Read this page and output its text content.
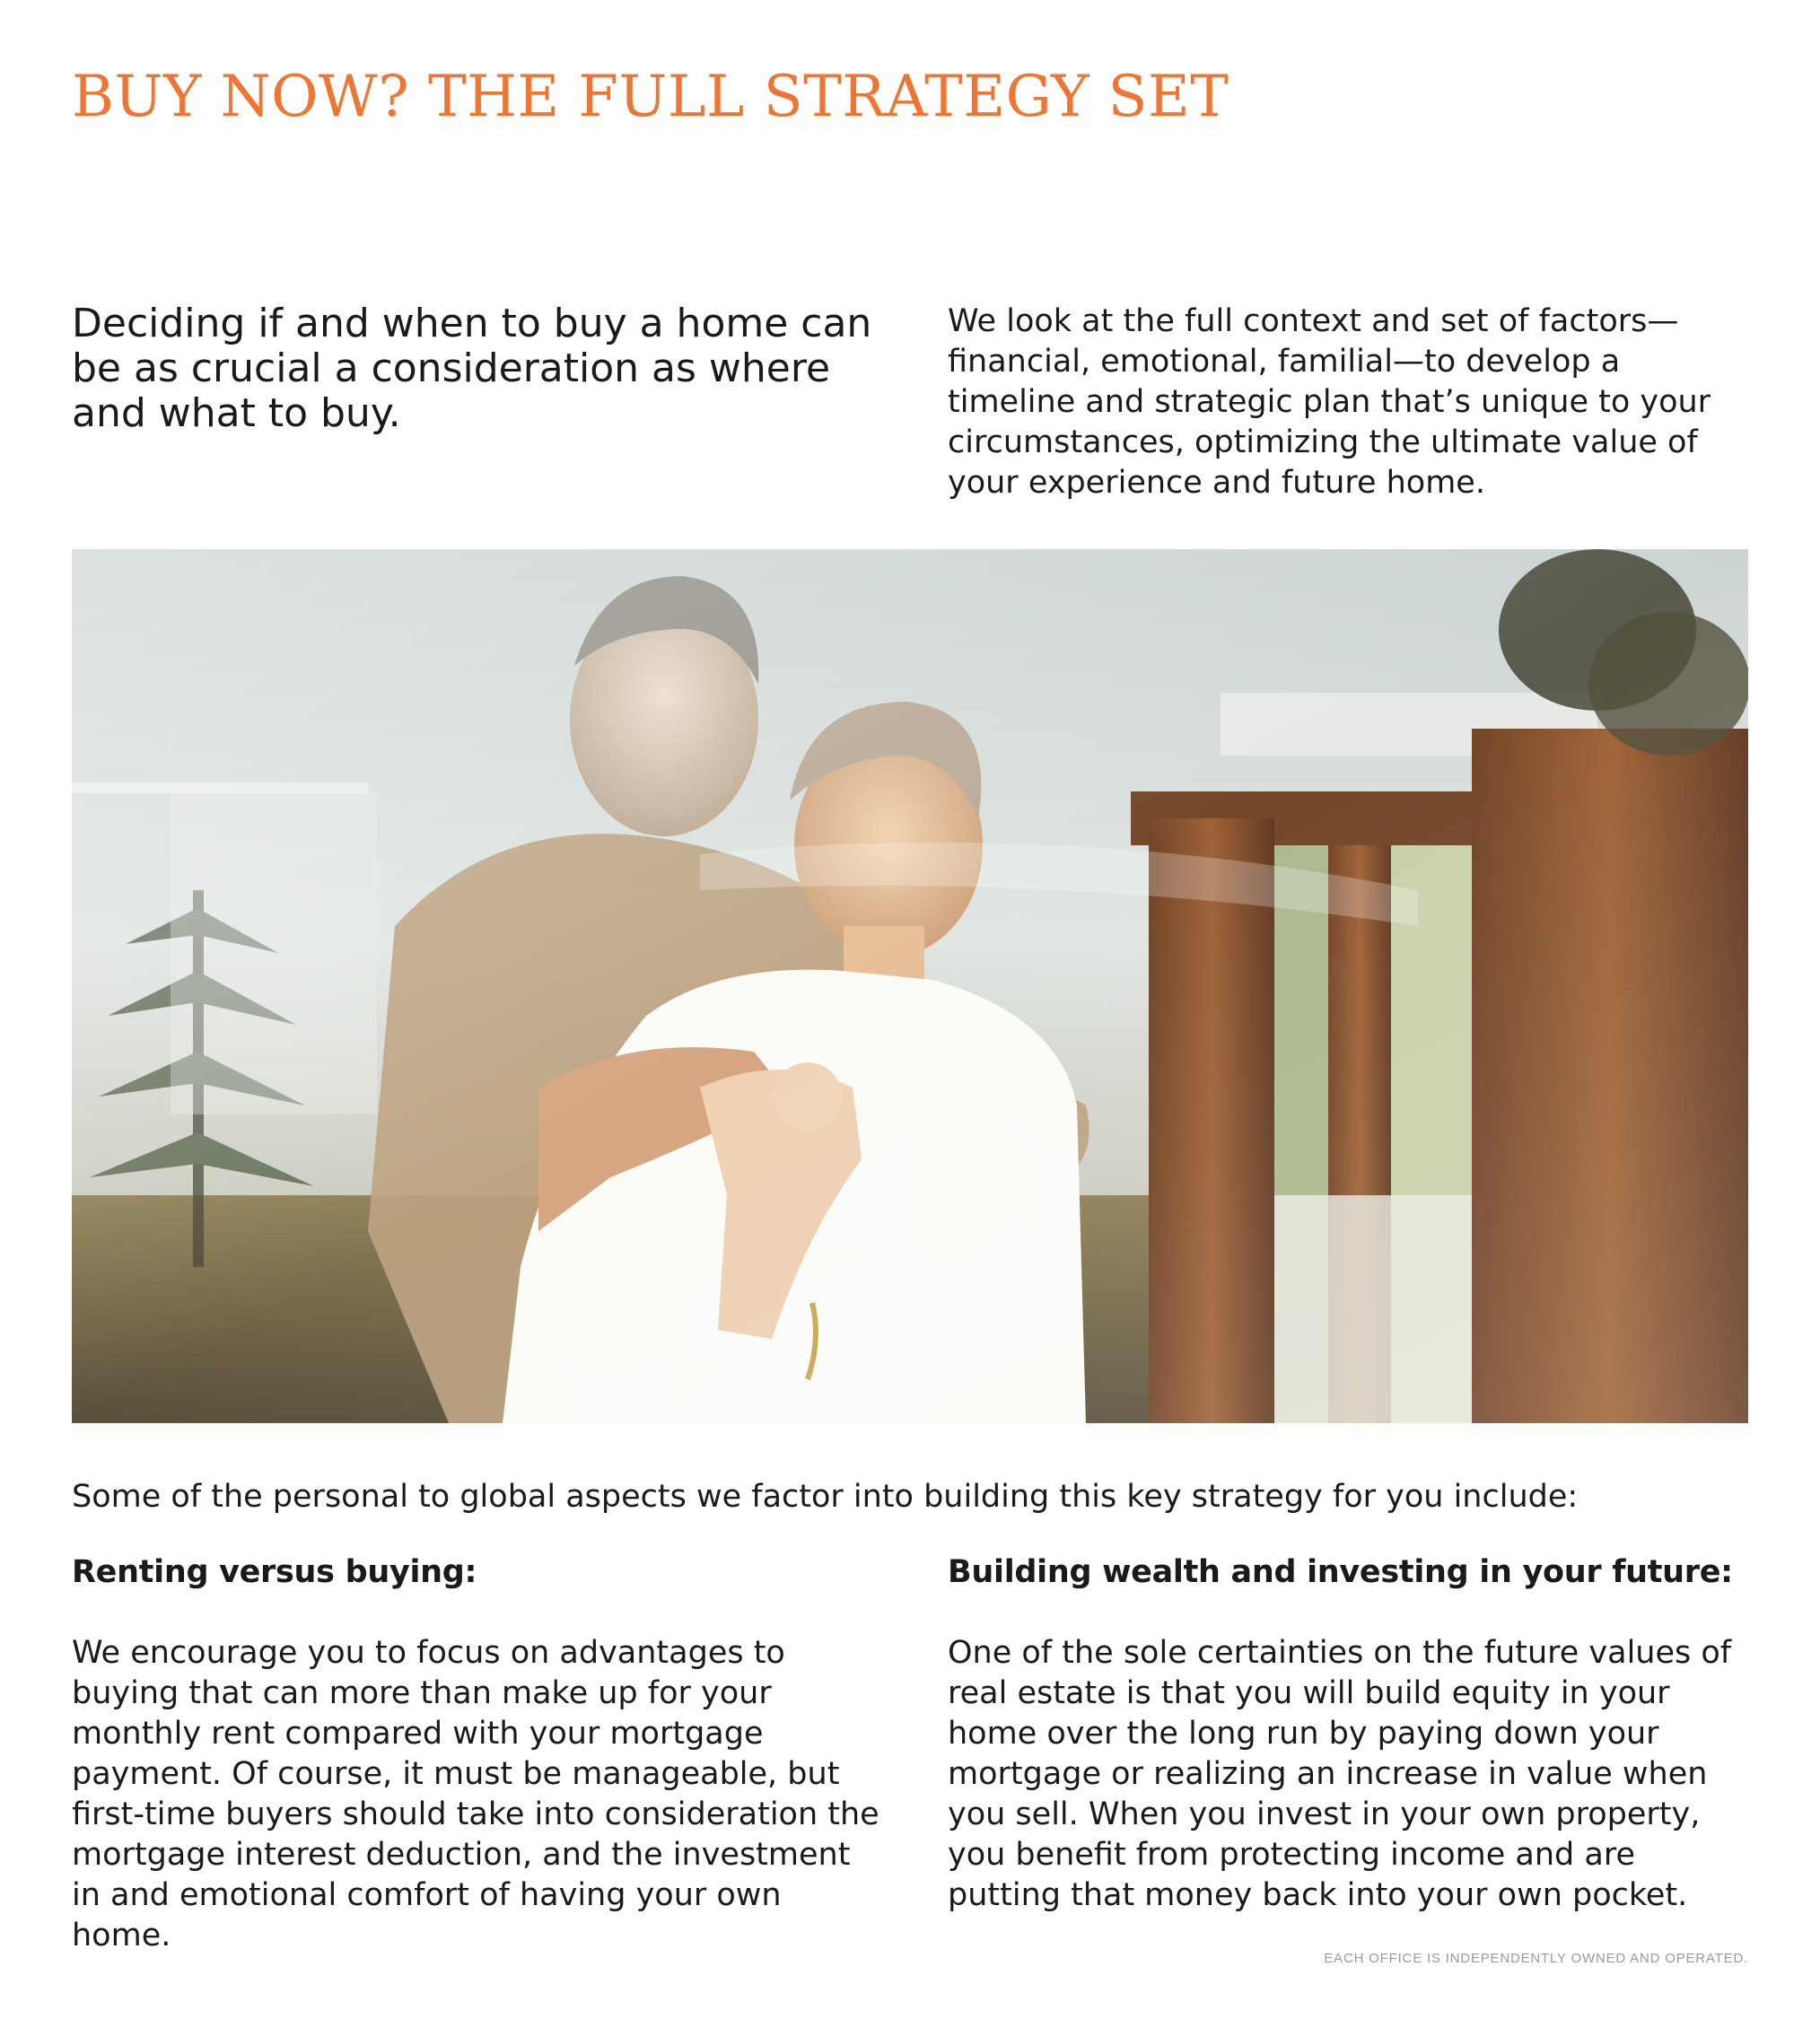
BUY NOW? THE FULL STRATEGY SET

Deciding if and when to buy a home can be as crucial a consideration as where and what to buy.

We look at the full context and set of factors—financial, emotional, familial—to develop a timeline and strategic plan that’s unique to your circumstances, optimizing the ultimate value of your experience and future home.

Some of the personal to global aspects we factor into building this key strategy for you include:

Renting versus buying:

We encourage you to focus on advantages to buying that can more than make up for your monthly rent compared with your mortgage payment. Of course, it must be manageable, but first-time buyers should take into consideration the mortgage interest deduction, and the investment in and emotional comfort of having your own home.

Building wealth and investing in your future:

One of the sole certainties on the future values of real estate is that you will build equity in your home over the long run by paying down your mortgage or realizing an increase in value when you sell. When you invest in your own property, you benefit from protecting income and are putting that money back into your own pocket.

EACH OFFICE IS INDEPENDENTLY OWNED AND OPERATED.
